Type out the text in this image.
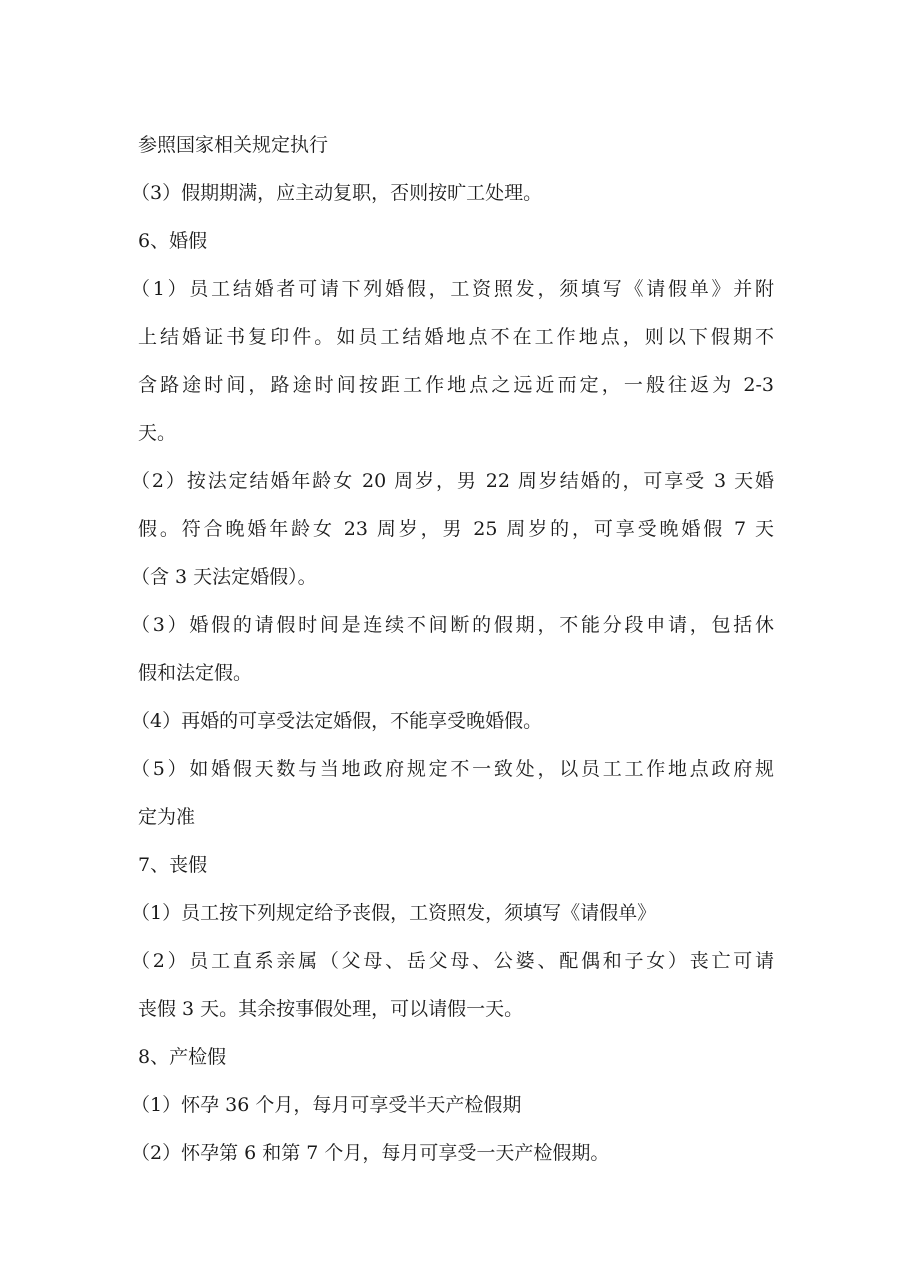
参照国家相关规定执行
（3）假期期满，应主动复职，否则按旷工处理。
6、婚假
（1）员工结婚者可请下列婚假，工资照发，须填写《请假单》并附
上结婚证书复印件。如员工结婚地点不在工作地点，则以下假期不
含路途时间，路途时间按距工作地点之远近而定，一般往返为 2-3
天。
（2）按法定结婚年龄女 20 周岁，男 22 周岁结婚的，可享受 3 天婚
假。符合晚婚年龄女 23 周岁，男 25 周岁的，可享受晚婚假 7 天
（含 3 天法定婚假）。
（3）婚假的请假时间是连续不间断的假期，不能分段申请，包括休
假和法定假。
（4）再婚的可享受法定婚假，不能享受晚婚假。
（5）如婚假天数与当地政府规定不一致处，以员工工作地点政府规
定为准
7、丧假
（1）员工按下列规定给予丧假，工资照发，须填写《请假单》
（2）员工直系亲属（父母、岳父母、公婆、配偶和子女）丧亡可请
丧假 3 天。其余按事假处理，可以请假一天。
8、产检假
（1）怀孕 36 个月，每月可享受半天产检假期
（2）怀孕第 6 和第 7 个月，每月可享受一天产检假期。
